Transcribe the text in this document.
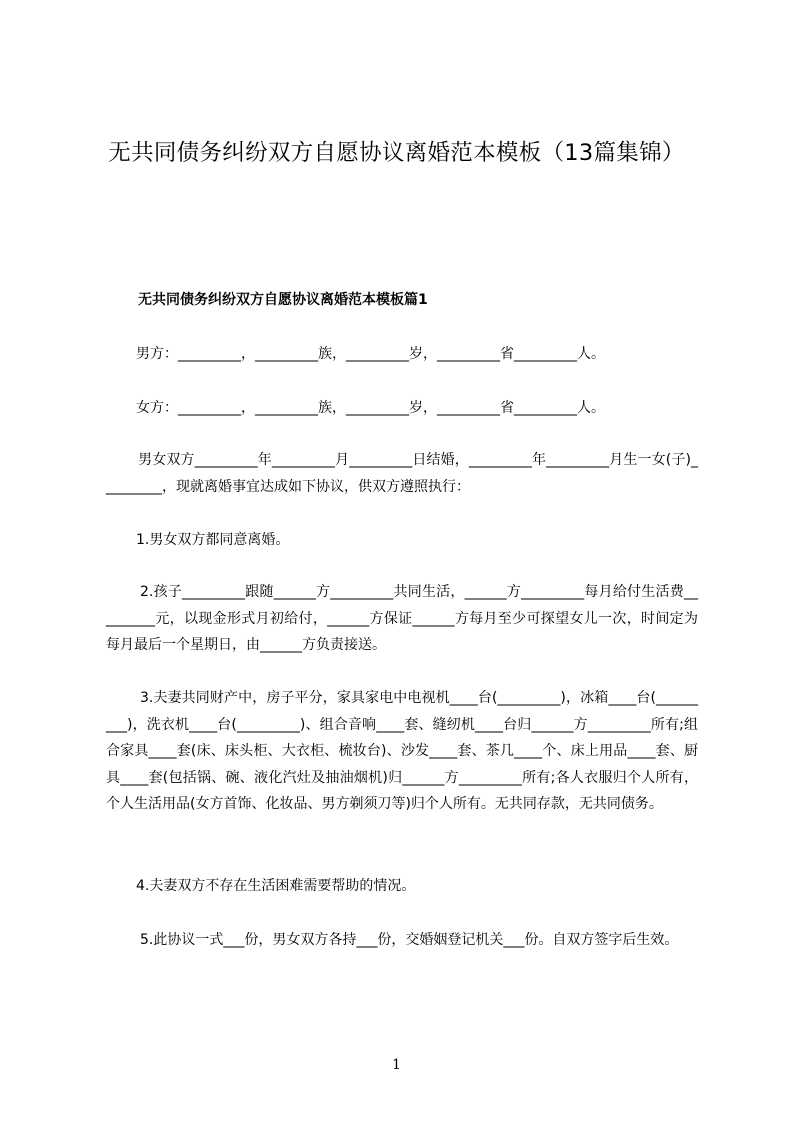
无共同债务纠纷双方自愿协议离婚范本模板（13篇集锦）
无共同债务纠纷双方自愿协议离婚范本模板篇1
男方：_________，_________族，_________岁，_________省_________人。
女方：_________，_________族，_________岁，_________省_________人。
男女双方_________年_________月_________日结婚，_________年_________月生一女(子)_________，现就离婚事宜达成如下协议，供双方遵照执行：
1.男女双方都同意离婚。
2.孩子_________跟随______方_________共同生活，______方_________每月给付生活费_________元，以现金形式月初给付，______方保证______方每月至少可探望女儿一次，时间定为每月最后一个星期日，由______方负责接送。
3.夫妻共同财产中，房子平分，家具家电中电视机____台(_________)，冰箱____台(_________)，洗衣机____台(_________)、组合音响____套、缝纫机____台归______方_________所有;组合家具____套(床、床头柜、大衣柜、梳妆台)、沙发____套、茶几____个、床上用品____套、厨具____套(包括锅、碗、液化汽灶及抽油烟机)归______方_________所有;各人衣服归个人所有，个人生活用品(女方首饰、化妆品、男方剃须刀等)归个人所有。无共同存款，无共同债务。
4.夫妻双方不存在生活困难需要帮助的情况。
5.此协议一式___份，男女双方各持___份，交婚姻登记机关___份。自双方签字后生效。
1
